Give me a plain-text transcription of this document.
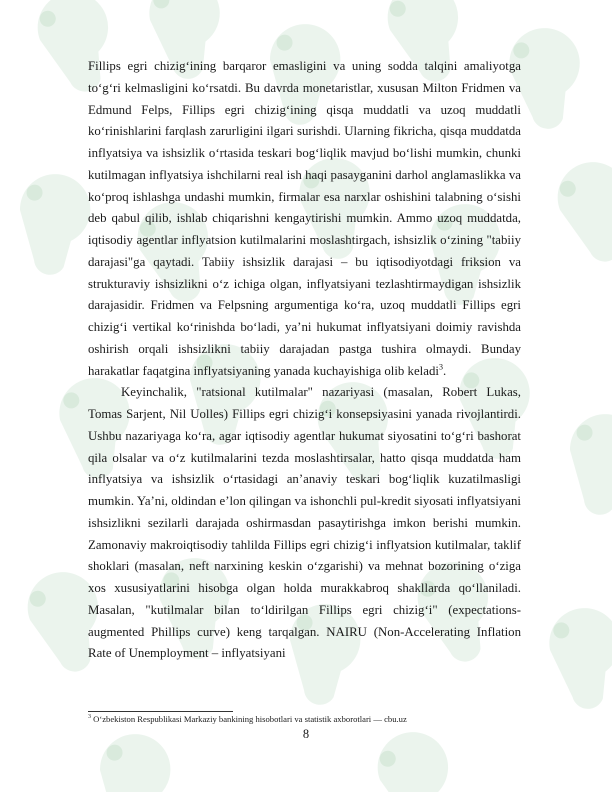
Fillips egri chizig‘ining barqaror emasligini va uning sodda talqini amaliyotga to‘g‘ri kelmasligini ko‘rsatdi. Bu davrda monetaristlar, xususan Milton Fridmen va Edmund Felps, Fillips egri chizig‘ining qisqa muddatli va uzoq muddatli ko‘rinishlarini farqlash zarurligini ilgari surishdi. Ularning fikricha, qisqa muddatda inflyatsiya va ishsizlik o‘rtasida teskari bog‘liqlik mavjud bo‘lishi mumkin, chunki kutilmagan inflyatsiya ishchilarni real ish haqi pasayganini darhol anglamaslikka va ko‘proq ishlashga undashi mumkin, firmalar esa narxlar oshishini talabning o‘sishi deb qabul qilib, ishlab chiqarishni kengaytirishi mumkin. Ammo uzoq muddatda, iqtisodiy agentlar inflyatsion kutilmalarini moslashtirgach, ishsizlik o‘zining "tabiiy darajasi"ga qaytadi. Tabiiy ishsizlik darajasi – bu iqtisodiyotdagi friksion va strukturaviy ishsizlikni o‘z ichiga olgan, inflyatsiyani tezlashtirmaydigan ishsizlik darajasidir. Fridmen va Felpsning argumentiga ko‘ra, uzoq muddatli Fillips egri chizig‘i vertikal ko‘rinishda bo‘ladi, ya’ni hukumat inflyatsiyani doimiy ravishda oshirish orqali ishsizlikni tabiiy darajadan pastga tushira olmaydi. Bunday harakatlar faqatgina inflyatsiyaning yanada kuchayishiga olib keladi$^3$.

Keyinchalik, "ratsional kutilmalar" nazariyasi (masalan, Robert Lukas, Tomas Sarjent, Nil Uolles) Fillips egri chizig‘i konsepsiyasini yanada rivojlantirdi. Ushbu nazariyaga ko‘ra, agar iqtisodiy agentlar hukumat siyosatini to‘g‘ri bashorat qila olsalar va o‘z kutilmalarini tezda moslashtirsalar, hatto qisqa muddatda ham inflyatsiya va ishsizlik o‘rtasidagi an’anaviy teskari bog‘liqlik kuzatilmasligi mumkin. Ya’ni, oldindan e’lon qilingan va ishonchli pul-kredit siyosati inflyatsiyani ishsizlikni sezilarli darajada oshirmasdan pasaytirishga imkon berishi mumkin. Zamonaviy makroiqtisodiy tahlilda Fillips egri chizig‘i inflyatsion kutilmalar, taklif shoklari (masalan, neft narxining keskin o‘zgarishi) va mehnat bozorining o‘ziga xos xususiyatlarini hisobga olgan holda murakkabroq shakllarda qo‘llaniladi. Masalan, "kutilmalar bilan to‘ldirilgan Fillips egri chizig‘i" (expectations-augmented Phillips curve) keng tarqalgan. NAIRU (Non-Accelerating Inflation Rate of Unemployment – inflyatsiyani

$^3$ O‘zbekiston Respublikasi Markaziy bankining hisobotlari va statistik axborotlari — cbu.uz
8
